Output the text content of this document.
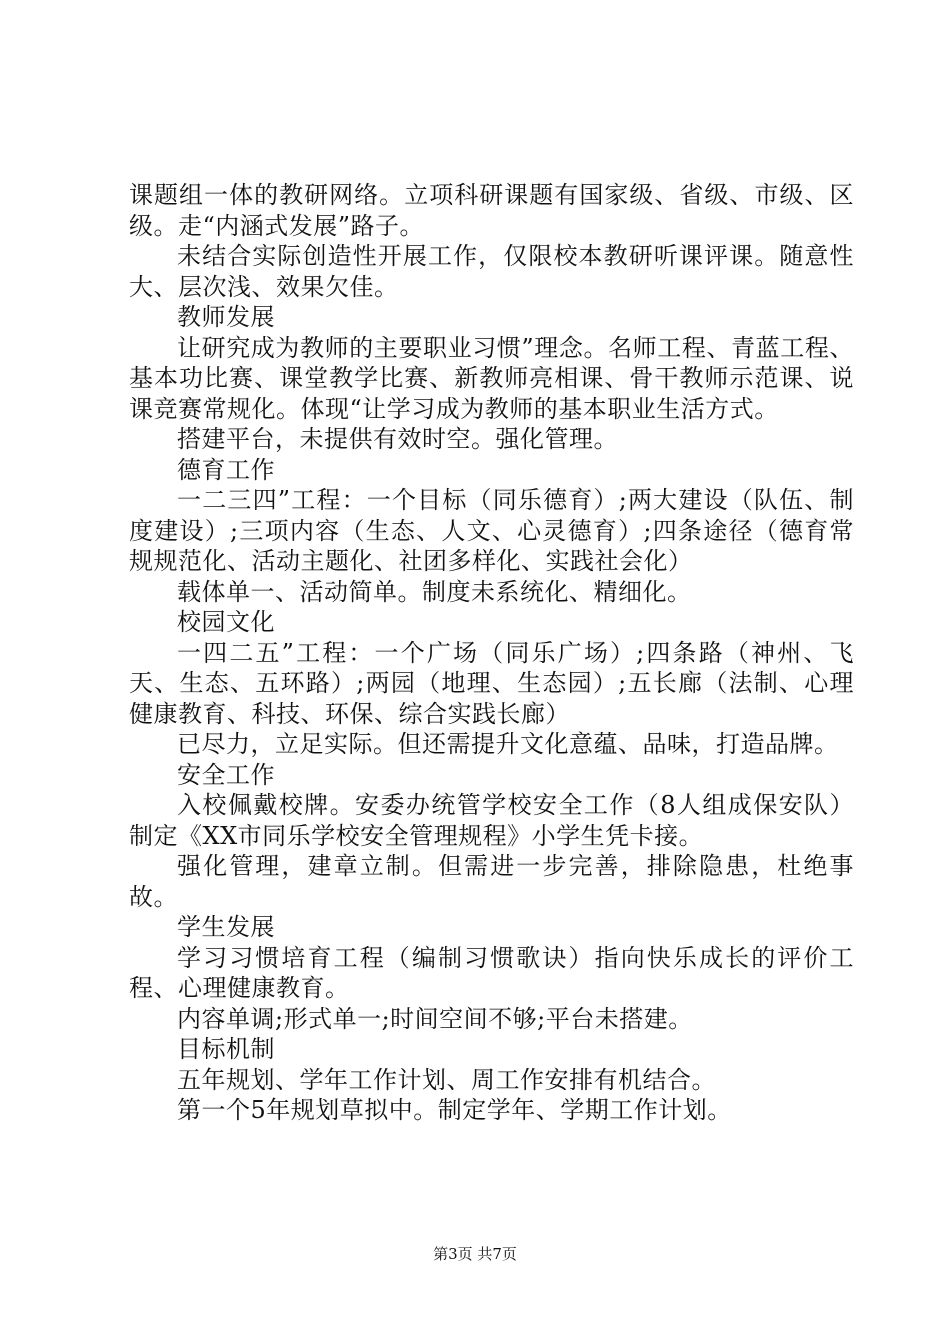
课题组一体的教研网络。立项科研课题有国家级、省级、市级、区级。走“内涵式发展”路子。

未结合实际创造性开展工作，仅限校本教研听课评课。随意性大、层次浅、效果欠佳。

教师发展

让研究成为教师的主要职业习惯”理念。名师工程、青蓝工程、基本功比赛、课堂教学比赛、新教师亮相课、骨干教师示范课、说课竞赛常规化。体现“让学习成为教师的基本职业生活方式。

搭建平台，未提供有效时空。强化管理。

德育工作

一二三四”工程：一个目标（同乐德育）;两大建设（队伍、制度建设）;三项内容（生态、人文、心灵德育）;四条途径（德育常规规范化、活动主题化、社团多样化、实践社会化）

载体单一、活动简单。制度未系统化、精细化。

校园文化

一四二五”工程：一个广场（同乐广场）;四条路（神州、飞天、生态、五环路）;两园（地理、生态园）;五长廊（法制、心理健康教育、科技、环保、综合实践长廊）

已尽力，立足实际。但还需提升文化意蕴、品味，打造品牌。

安全工作

入校佩戴校牌。安委办统管学校安全工作（8人组成保安队）制定《XX市同乐学校安全管理规程》小学生凭卡接。

强化管理，建章立制。但需进一步完善，排除隐患，杜绝事故。

学生发展

学习习惯培育工程（编制习惯歌诀）指向快乐成长的评价工程、心理健康教育。

内容单调;形式单一;时间空间不够;平台未搭建。

目标机制

五年规划、学年工作计划、周工作安排有机结合。

第一个5年规划草拟中。制定学年、学期工作计划。

第3页 共7页
